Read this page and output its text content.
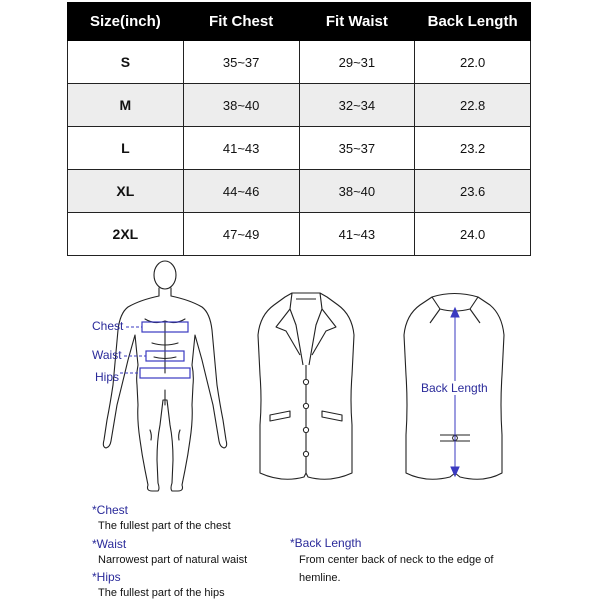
Size(inch)	Fit Chest	Fit Waist	Back Length
S	35~37	29~31	22.0
M	38~40	32~34	22.8
L	41~43	35~37	23.2
XL	44~46	38~40	23.6
2XL	47~49	41~43	24.0
Chest
Waist
Hips
Back Length
*Chest
The fullest part of the chest
*Waist
Narrowest part of natural waist
*Hips
The fullest part of the hips
*Back Length
From center back of neck to the edge of
hemline.
